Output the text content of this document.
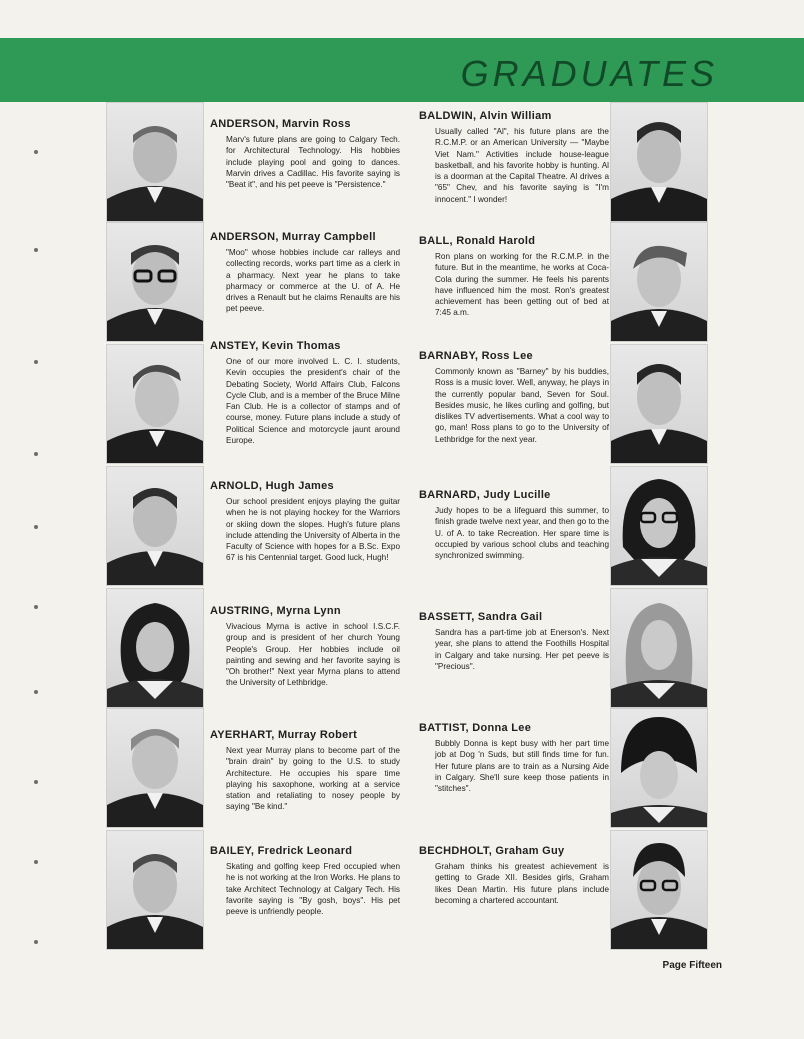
GRADUATES
ANDERSON, Marvin Ross
Marv's future plans are going to Calgary Tech. for Architectural Technology. His hobbies include playing pool and going to dances. Marvin drives a Cadillac. His favorite saying is "Beat it", and his pet peeve is "Persistence."
ANDERSON, Murray Campbell
"Moo" whose hobbies include car ralleys and collecting records, works part time as a clerk in a pharmacy. Next year he plans to take pharmacy or commerce at the U. of A. He drives a Renault but he claims Renaults are his pet peeve.
ANSTEY, Kevin Thomas
One of our more involved L. C. I. students, Kevin occupies the president's chair of the Debating Society, World Affairs Club, Falcons Cycle Club, and is a member of the Bruce Milne Fan Club. He is a collector of stamps and of course, money. Future plans include a study of Political Science and motorcycle jaunt around Europe.
ARNOLD, Hugh James
Our school president enjoys playing the guitar when he is not playing hockey for the Warriors or skiing down the slopes. Hugh's future plans include attending the University of Alberta in the Faculty of Science with hopes for a B.Sc. Expo 67 is his Centennial target. Good luck, Hugh!
AUSTRING, Myrna Lynn
Vivacious Myrna is active in school I.S.C.F. group and is president of her church Young People's Group. Her hobbies include oil painting and sewing and her favorite saying is "Oh brother!" Next year Myrna plans to attend the University of Lethbridge.
AYERHART, Murray Robert
Next year Murray plans to become part of the "brain drain" by going to the U.S. to study Architecture. He occupies his spare time playing his saxophone, working at a service station and retaliating to nosey people by saying "Be kind."
BAILEY, Fredrick Leonard
Skating and golfing keep Fred occupied when he is not working at the Iron Works. He plans to take Architect Technology at Calgary Tech. His favorite saying is "By gosh, boys". His pet peeve is unfriendly people.
BALDWIN, Alvin William
Usually called "Al", his future plans are the R.C.M.P. or an American University — "Maybe Viet Nam." Activities include house-league basketball, and his favorite hobby is hunting. Al is a doorman at the Capital Theatre. Al drives a "65" Chev, and his favorite saying is "I'm innocent." I wonder!
BALL, Ronald Harold
Ron plans on working for the R.C.M.P. in the future. But in the meantime, he works at Coca-Cola during the summer. He feels his parents have influenced him the most. Ron's greatest achievement has been getting out of bed at 7:45 a.m.
BARNABY, Ross Lee
Commonly known as "Barney" by his buddies, Ross is a music lover. Well, anyway, he plays in the currently popular band, Seven for Soul. Besides music, he likes curling and golfing, but dislikes TV advertisements. What a cool way to go, man! Ross plans to go to the University of Lethbridge for the next year.
BARNARD, Judy Lucille
Judy hopes to be a lifeguard this summer, to finish grade twelve next year, and then go to the U. of A. to take Recreation. Her spare time is occupied by various school clubs and teaching synchronized swimming.
BASSETT, Sandra Gail
Sandra has a part-time job at Enerson's. Next year, she plans to attend the Foothills Hospital in Calgary and take nursing. Her pet peeve is "Precious".
BATTIST, Donna Lee
Bubbly Donna is kept busy with her part time job at Dog 'n Suds, but still finds time for fun. Her future plans are to train as a Nursing Aide in Calgary. She'll sure keep those patients in "stitches".
BECHDHOLT, Graham Guy
Graham thinks his greatest achievement is getting to Grade XII. Besides girls, Graham likes Dean Martin. His future plans include becoming a chartered accountant.
Page Fifteen
